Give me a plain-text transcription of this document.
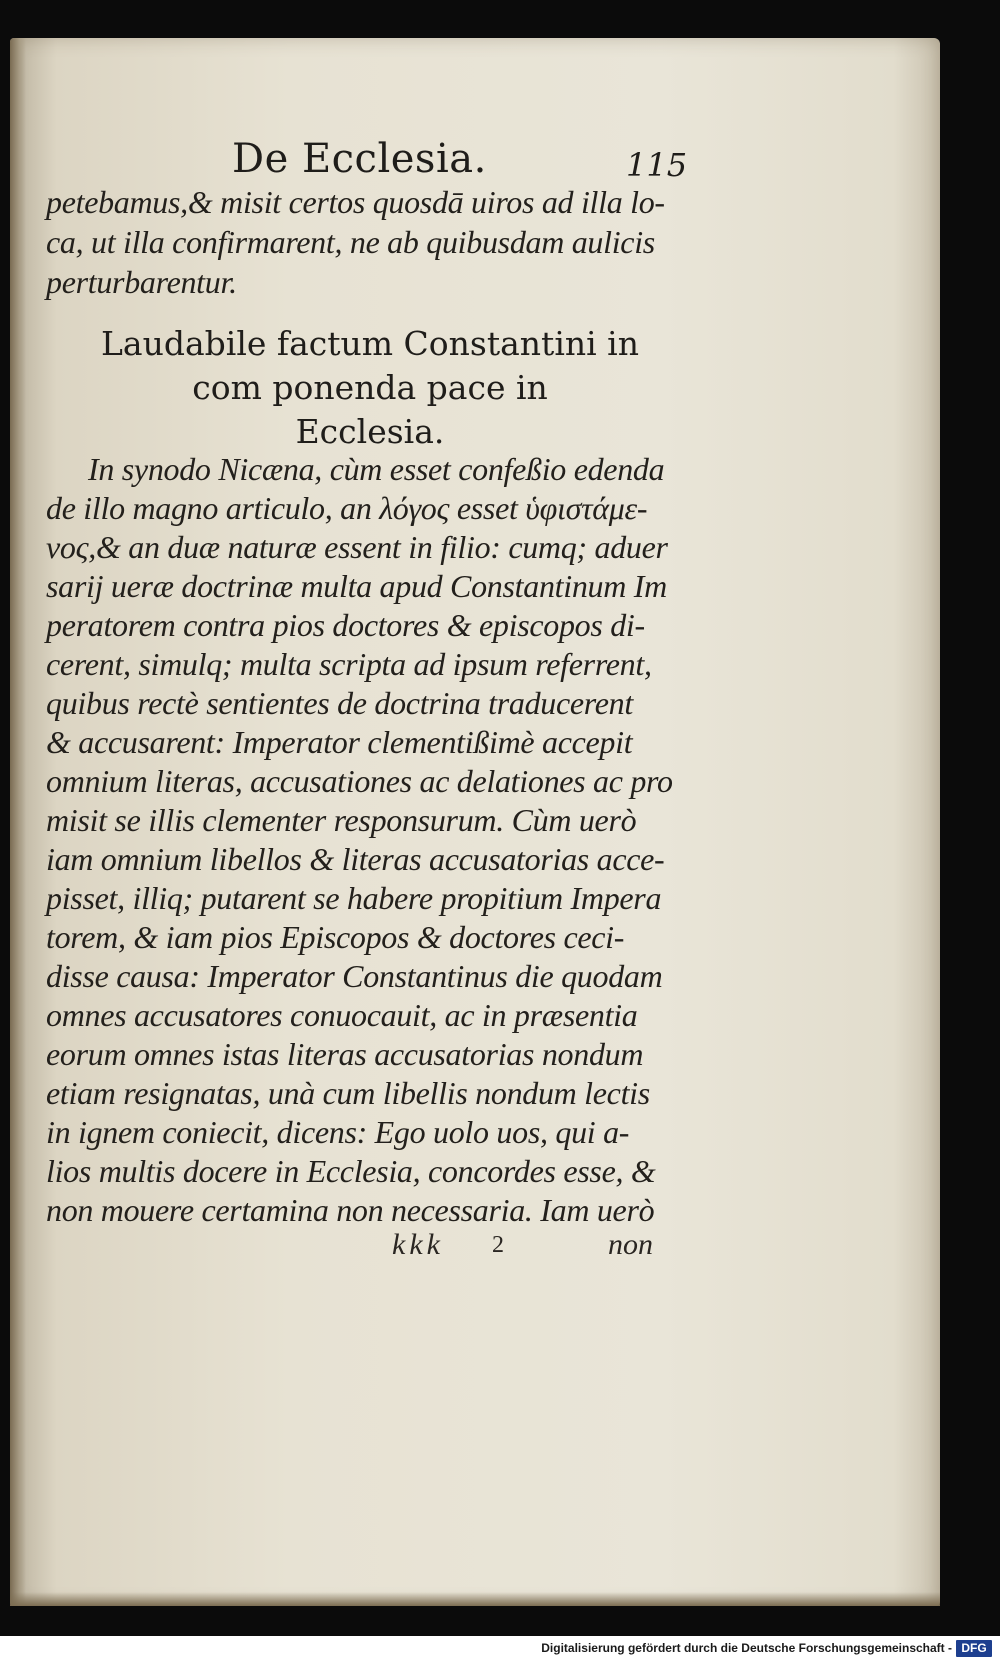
De Ecclesia.	115
petebamus,& misit certos quosdā uiros ad illa lo-
ca, ut illa confirmarent, ne ab quibusdam aulicis
perturbarentur.
Laudabile factum Constantini in
com ponenda pace in
Ecclesia.
In synodo Nicæna, cùm esset confeßio edenda
de illo magno articulo, an λόγος esset ὑφιστάμε-
νος,& an duæ naturæ essent in filio: cumq; aduer
sarij ueræ doctrinæ multa apud Constantinum Im
peratorem contra pios doctores & episcopos di-
cerent, simulq; multa scripta ad ipsum referrent,
quibus rectè sentientes de doctrina traducerent
& accusarent: Imperator clementißimè accepit
omnium literas, accusationes ac delationes ac pro
misit se illis clementer responsurum. Cùm uerò
iam omnium libellos & literas accusatorias acce-
pisset, illiq; putarent se habere propitium Impera
torem, & iam pios Episcopos & doctores ceci-
disse causa: Imperator Constantinus die quodam
omnes accusatores conuocauit, ac in præsentia
eorum omnes istas literas accusatorias nondum
etiam resignatas, unà cum libellis nondum lectis
in ignem coniecit, dicens: Ego uolo uos, qui a-
lios multis docere in Ecclesia, concordes esse, &
non mouere certamina non necessaria. Iam uerò
kkk 2	non
Digitalisierung gefördert durch die Deutsche Forschungsgemeinschaft - DFG
